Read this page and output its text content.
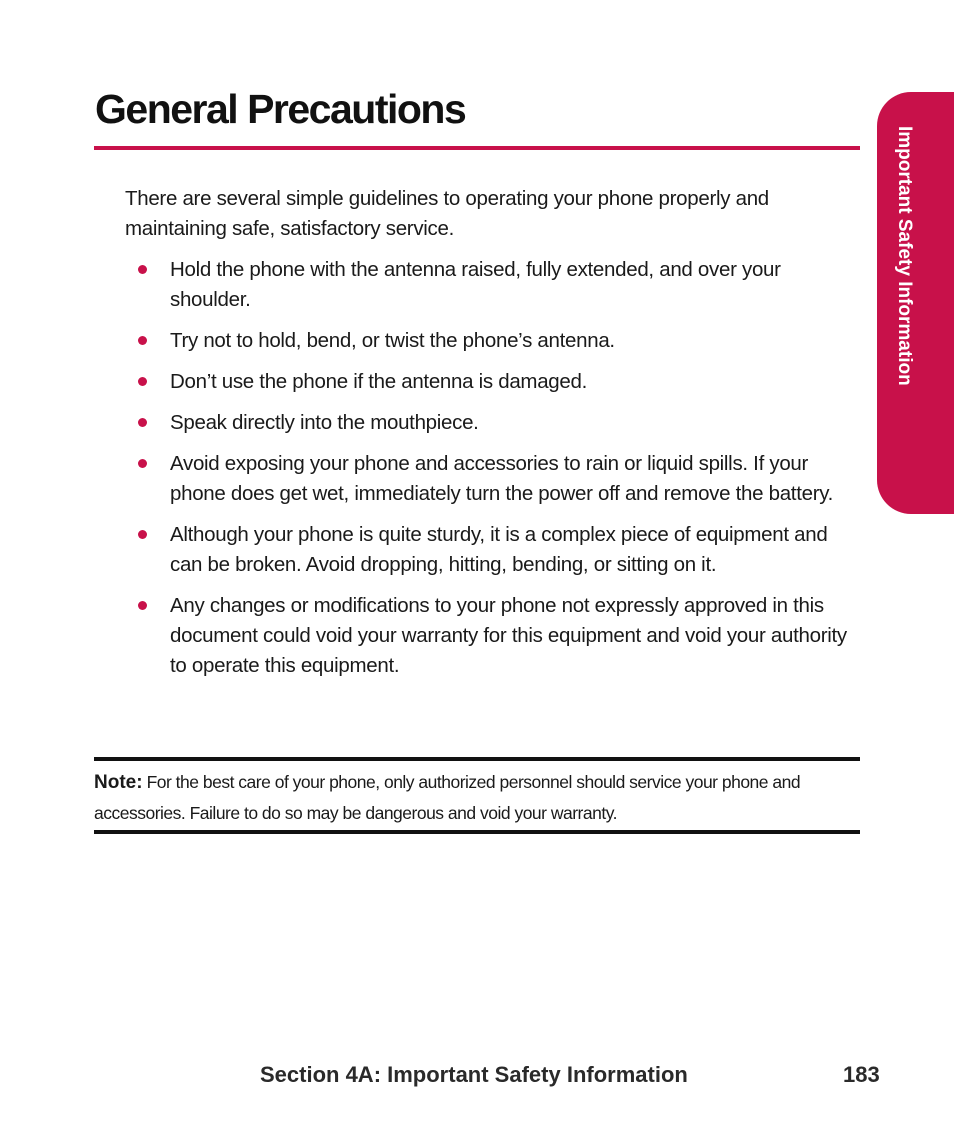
General Precautions
Important Safety Information

There are several simple guidelines to operating your phone properly and maintaining safe, satisfactory service.

Hold the phone with the antenna raised, fully extended, and over your shoulder.
Try not to hold, bend, or twist the phone’s antenna.
Don’t use the phone if the antenna is damaged.
Speak directly into the mouthpiece.
Avoid exposing your phone and accessories to rain or liquid spills. If your phone does get wet, immediately turn the power off and remove the battery.
Although your phone is quite sturdy, it is a complex piece of equipment and can be broken. Avoid dropping, hitting, bending, or sitting on it.
Any changes or modifications to your phone not expressly approved in this document could void your warranty for this equipment and void your authority to operate this equipment.

Note: For the best care of your phone, only authorized personnel should service your phone and accessories. Failure to do so may be dangerous and void your warranty.

Section 4A: Important Safety Information	183
